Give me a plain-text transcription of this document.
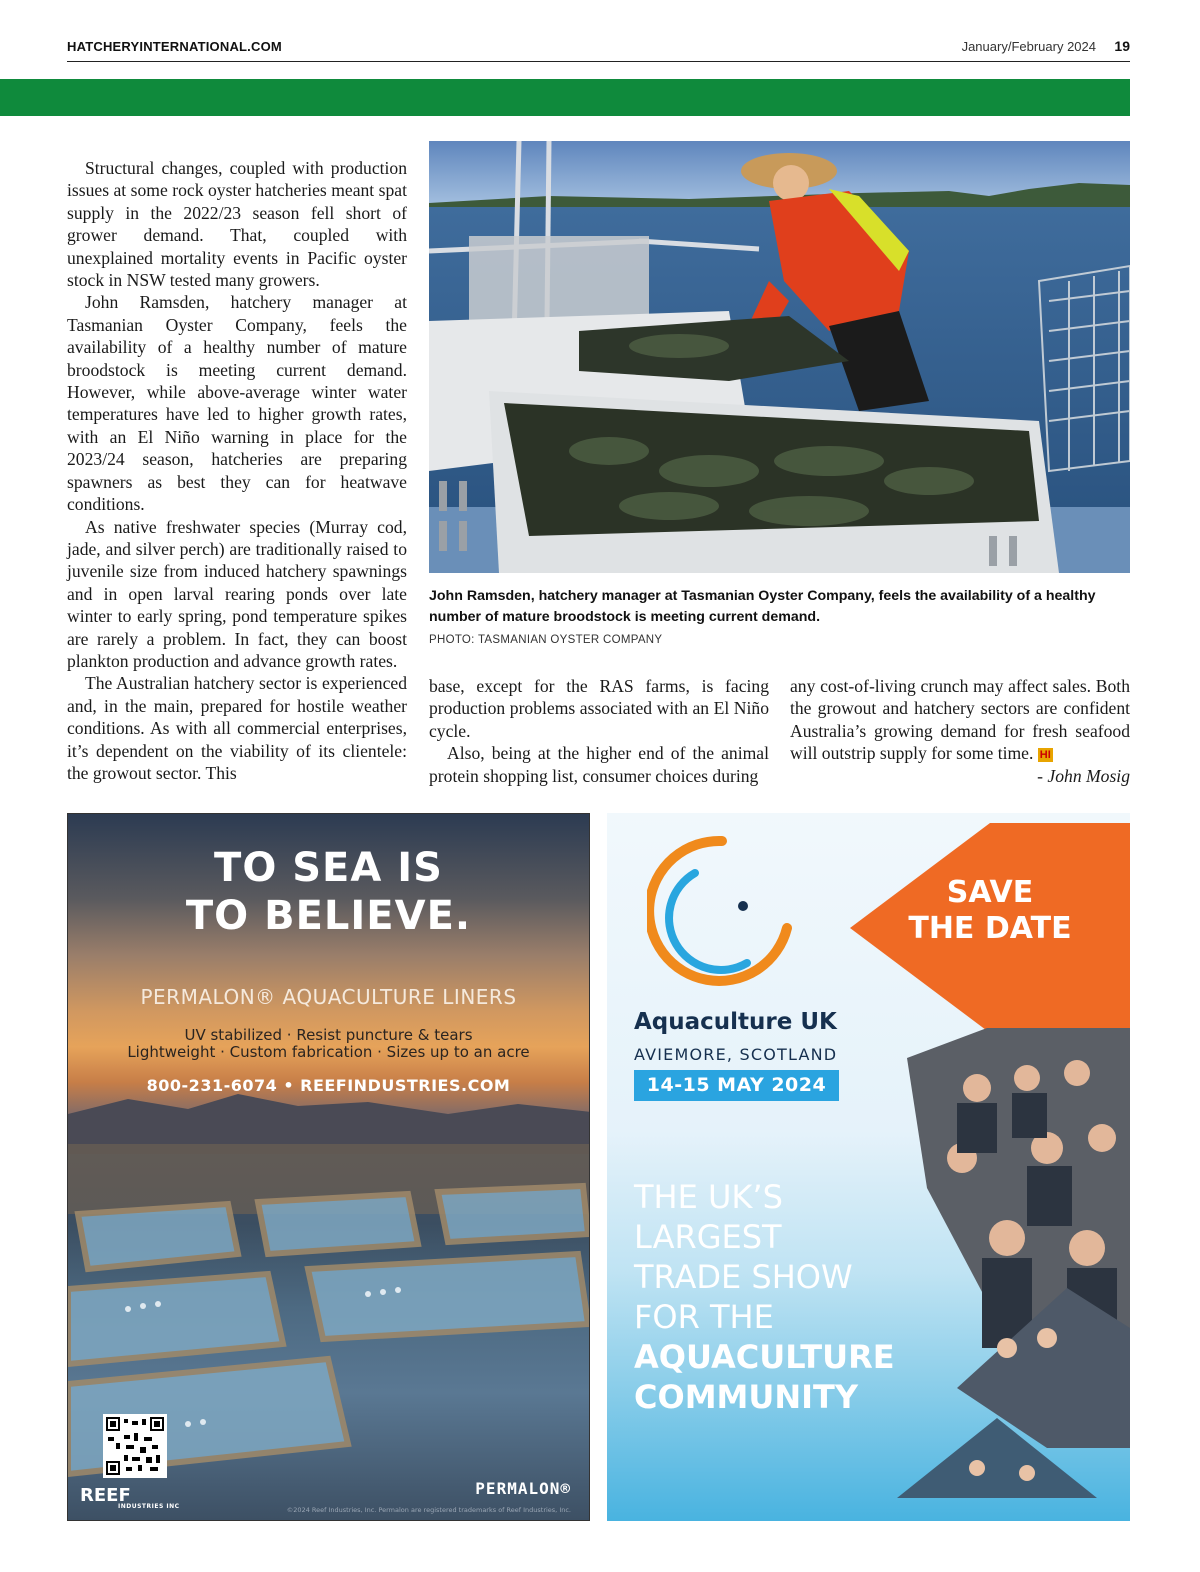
HATCHERYINTERNATIONAL.COM	January/February 2024 19

Structural changes, coupled with production issues at some rock oyster hatcheries meant spat supply in the 2022/23 season fell short of grower demand. That, coupled with unexplained mortality events in Pacific oyster stock in NSW tested many growers.

John Ramsden, hatchery manager at Tasmanian Oyster Company, feels the availability of a healthy number of mature broodstock is meeting current demand. However, while above-average winter water temperatures have led to higher growth rates, with an El Niño warning in place for the 2023/24 season, hatcheries are preparing spawners as best they can for heatwave conditions.

As native freshwater species (Murray cod, jade, and silver perch) are traditionally raised to juvenile size from induced hatchery spawnings and in open larval rearing ponds over late winter to early spring, pond temperature spikes are rarely a problem. In fact, they can boost plankton production and advance growth rates.

The Australian hatchery sector is experienced and, in the main, prepared for hostile weather conditions. As with all commercial enterprises, it’s dependent on the viability of its clientele: the growout sector. This

John Ramsden, hatchery manager at Tasmanian Oyster Company, feels the availability of a healthy number of mature broodstock is meeting current demand.
PHOTO: TASMANIAN OYSTER COMPANY

base, except for the RAS farms, is facing production problems associated with an El Niño cycle.

Also, being at the higher end of the animal protein shopping list, consumer choices during

any cost-of-living crunch may affect sales. Both the growout and hatchery sectors are confident Australia’s growing demand for fresh seafood will outstrip supply for some time. HI

- John Mosig

TO SEA IS
TO BELIEVE.
PERMALON® AQUACULTURE LINERS
UV stabilized · Resist puncture & tears
Lightweight · Custom fabrication · Sizes up to an acre
800-231-6074 • REEFINDUSTRIES.COM
REEF
INDUSTRIES INC
PERMALON®
©2024 Reef Industries, Inc. Permalon are registered trademarks of Reef Industries, Inc.
SAVE
THE DATE
Aquaculture UK
AVIEMORE, SCOTLAND
14-15 MAY 2024
THE UK’S
LARGEST
TRADE SHOW
FOR THE
AQUACULTURE
COMMUNITY
